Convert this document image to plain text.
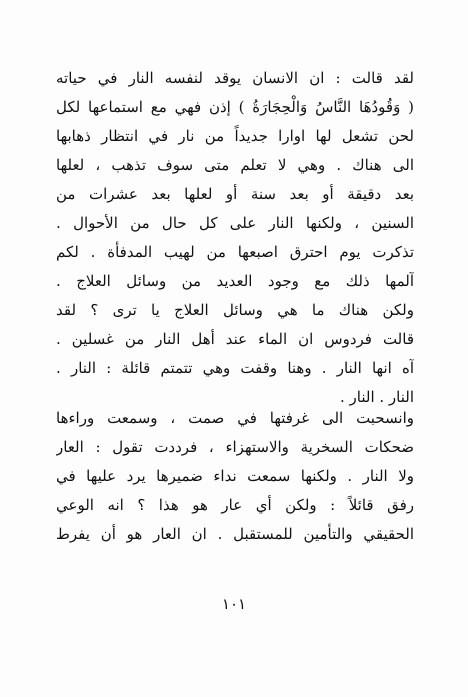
لقد قالت : ان الانسان يوقد لنفسه النار في حياته
( وَقُودُهَا النَّاسُ وَالْحِجَارَةُ ) إذن فهي مع استماعها لكل
لحن تشعل لها اوارا جديداً من نار في انتظار ذهابها
الى هناك . وهي لا تعلم متى سوف تذهب ، لعلها
بعد دقيقة أو بعد سنة أو لعلها بعد عشرات من
السنين ، ولكنها النار على كل حال من الأحوال .
تذكرت يوم احترق اصبعها من لهيب المدفأة . لكم
آلمها ذلك مع وجود العديد من وسائل العلاج .
ولكن هناك ما هي وسائل العلاج يا ترى ؟ لقد
قالت فردوس ان الماء عند أهل النار من غسلين .
آه انها النار . وهنا وقفت وهي تتمتم قائلة : النار .
النار . النار .
وانسحبت الى غرفتها في صمت ، وسمعت وراءها
ضحكات السخرية والاستهزاء ، فرددت تقول : العار
ولا النار . ولكنها سمعت نداء ضميرها يرد عليها في
رفق قائلاً : ولكن أي عار هو هذا ؟ انه الوعي
الحقيقي والتأمين للمستقبل . ان العار هو أن يفرط
١٠١
